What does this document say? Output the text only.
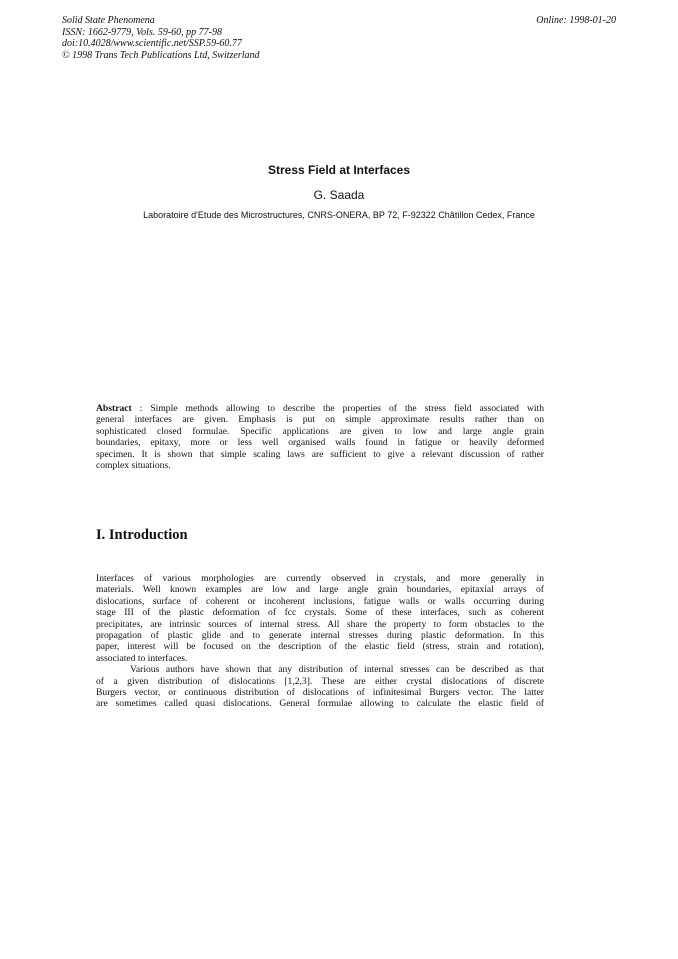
Solid State Phenomena
ISSN: 1662-9779, Vols. 59-60, pp 77-98
doi:10.4028/www.scientific.net/SSP.59-60.77
© 1998 Trans Tech Publications Ltd, Switzerland
Online: 1998-01-20
Stress Field at Interfaces
G. Saada
Laboratoire d'Etude des Microstructures, CNRS-ONERA, BP 72, F-92322 Châtillon Cedex, France
Abstract : Simple methods allowing to describe the properties of the stress field associated with
general interfaces are given. Emphasis is put on simple approximate results rather than on
sophisticated closed formulae. Specific applications are given to low and large angle grain
boundaries, epitaxy, more or less well organised walls found in fatigue or heavily deformed
specimen. It is shown that simple scaling laws are sufficient to give a relevant discussion of rather
complex situations.
I. Introduction
Interfaces of various morphologies are currently observed in crystals, and more generally in
materials. Well known examples are low and large angle grain boundaries, epitaxial arrays of
dislocations, surface of coherent or incoherent inclusions, fatigue walls or walls occurring during
stage III of the plastic deformation of fcc crystals. Some of these interfaces, such as coherent
precipitates, are intrinsic sources of internal stress. All share the property to form obstacles to the
propagation of plastic glide and to generate internal stresses during plastic deformation. In this
paper, interest will be focused on the description of the elastic field (stress, strain and rotation),
associated to interfaces.
Various authors have shown that any distribution of internal stresses can be described as that
of a given distribution of dislocations [1,2,3]. These are either crystal dislocations of discrete
Burgers vector, or continuous distribution of dislocations of infinitesimal Burgers vector. The latter
are sometimes called quasi dislocations. General formulae allowing to calculate the elastic field of
